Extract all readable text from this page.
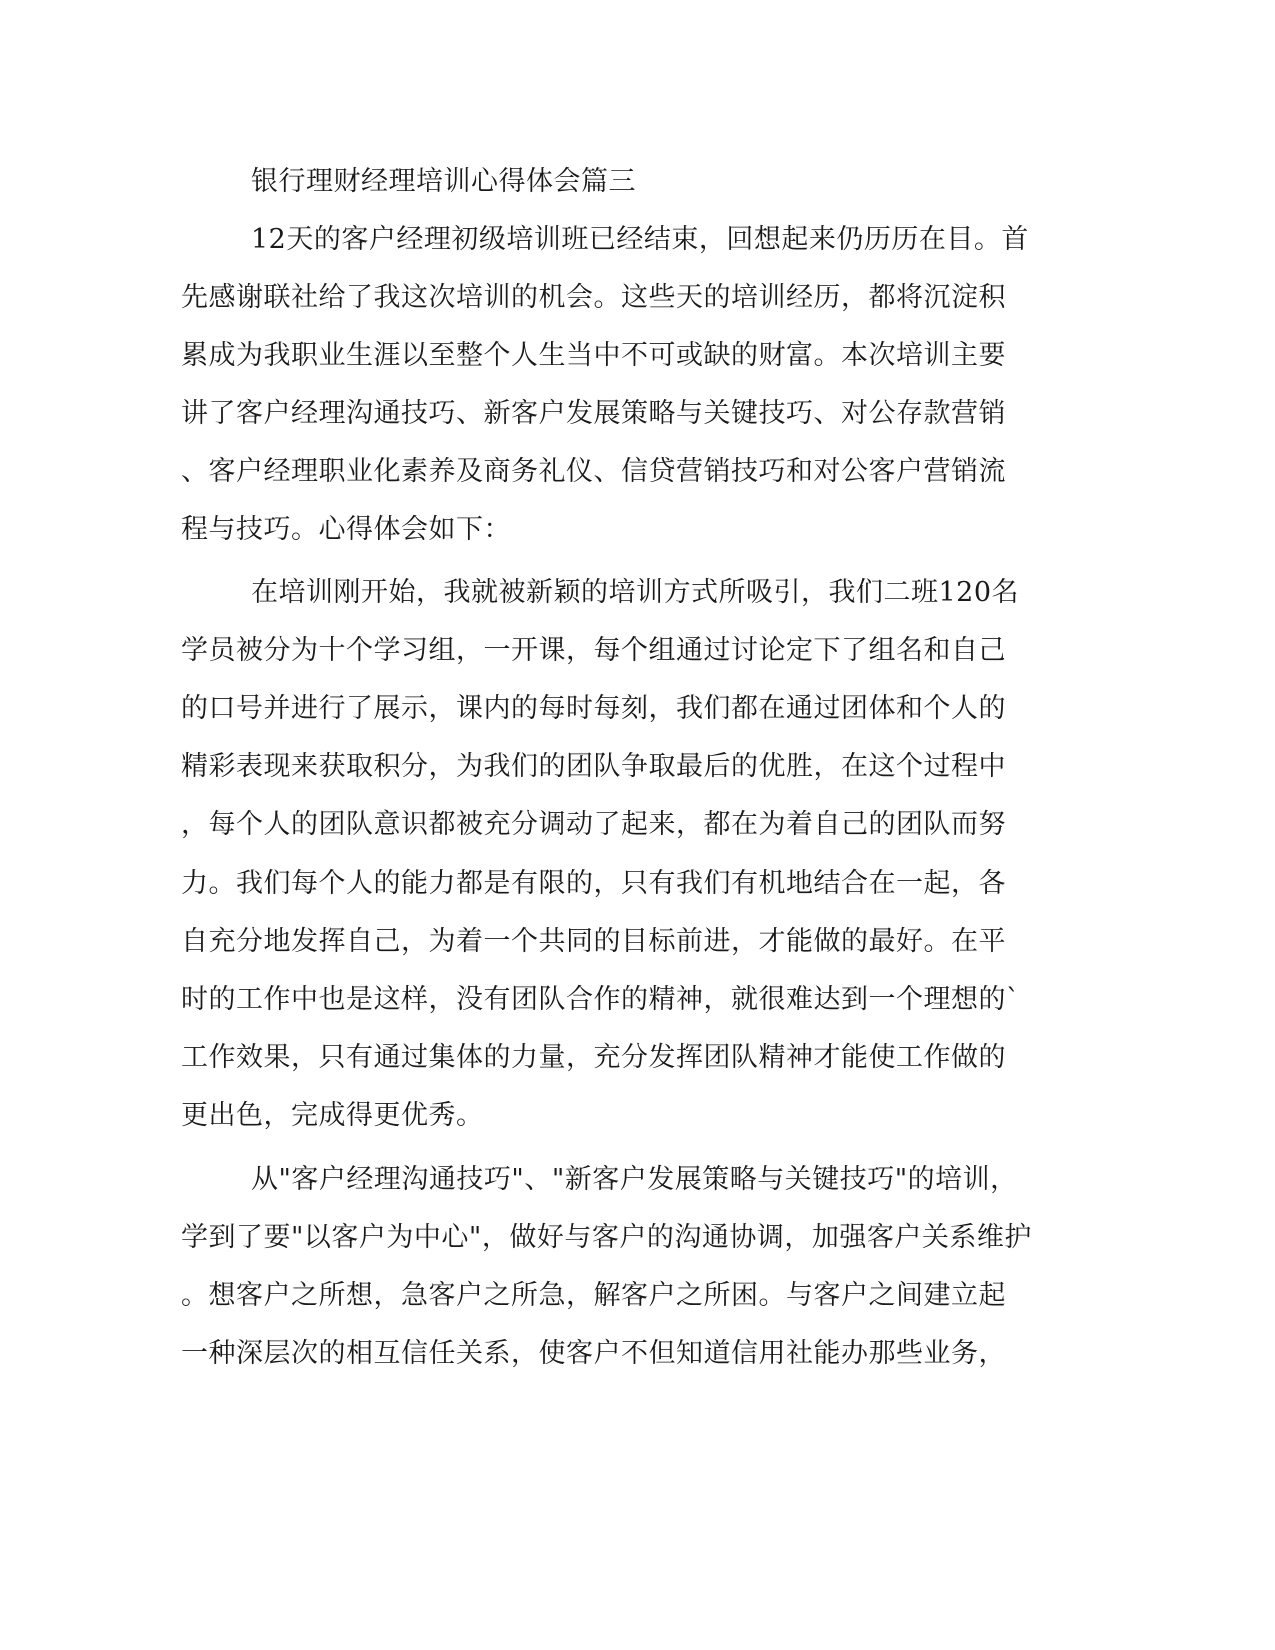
银行理财经理培训心得体会篇三
12天的客户经理初级培训班已经结束，回想起来仍历历在目。首
先感谢联社给了我这次培训的机会。这些天的培训经历，都将沉淀积
累成为我职业生涯以至整个人生当中不可或缺的财富。本次培训主要
讲了客户经理沟通技巧、新客户发展策略与关键技巧、对公存款营销
、客户经理职业化素养及商务礼仪、信贷营销技巧和对公客户营销流
程与技巧。心得体会如下：
在培训刚开始，我就被新颖的培训方式所吸引，我们二班120名
学员被分为十个学习组，一开课，每个组通过讨论定下了组名和自己
的口号并进行了展示，课内的每时每刻，我们都在通过团体和个人的
精彩表现来获取积分，为我们的团队争取最后的优胜，在这个过程中
，每个人的团队意识都被充分调动了起来，都在为着自己的团队而努
力。我们每个人的能力都是有限的，只有我们有机地结合在一起，各
自充分地发挥自己，为着一个共同的目标前进，才能做的最好。在平
时的工作中也是这样，没有团队合作的精神，就很难达到一个理想的`
工作效果，只有通过集体的力量，充分发挥团队精神才能使工作做的
更出色，完成得更优秀。
从"客户经理沟通技巧"、"新客户发展策略与关键技巧"的培训，
学到了要"以客户为中心"，做好与客户的沟通协调，加强客户关系维护
。想客户之所想，急客户之所急，解客户之所困。与客户之间建立起
一种深层次的相互信任关系，使客户不但知道信用社能办那些业务，
